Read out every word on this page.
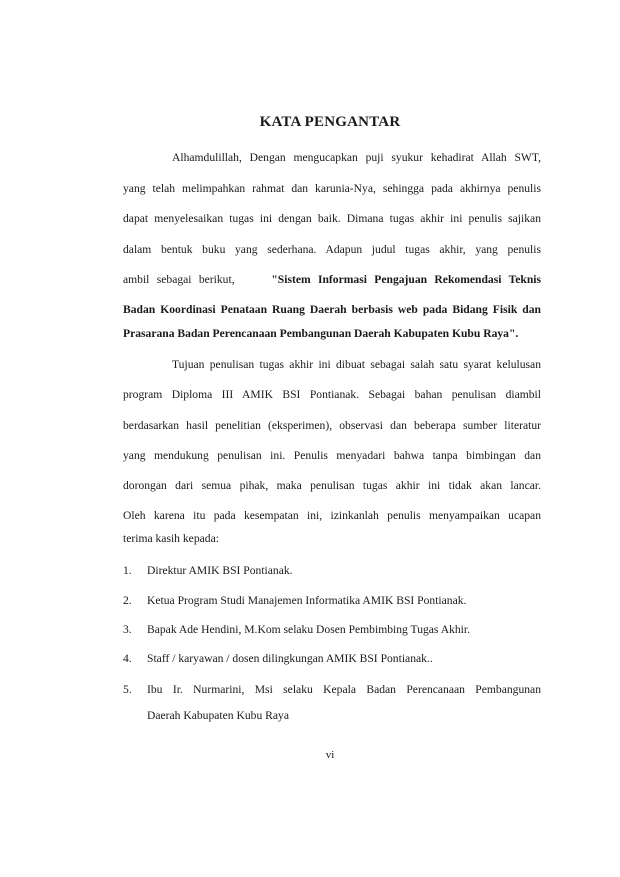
KATA PENGANTAR
Alhamdulillah, Dengan mengucapkan puji syukur kehadirat Allah SWT,
yang telah melimpahkan rahmat dan karunia-Nya, sehingga pada akhirnya penulis
dapat menyelesaikan tugas ini dengan baik. Dimana tugas akhir ini penulis sajikan
dalam bentuk buku yang sederhana. Adapun judul tugas akhir, yang penulis
ambil sebagai berikut,	"Sistem Informasi Pengajuan Rekomendasi Teknis
Badan Koordinasi Penataan Ruang Daerah berbasis web pada Bidang Fisik dan
Prasarana Badan Perencanaan Pembangunan Daerah Kabupaten Kubu Raya".
Tujuan penulisan tugas akhir ini dibuat sebagai salah satu syarat kelulusan
program Diploma III AMIK BSI Pontianak. Sebagai bahan penulisan diambil
berdasarkan hasil penelitian (eksperimen), observasi dan beberapa sumber literatur
yang mendukung penulisan ini. Penulis menyadari bahwa tanpa bimbingan dan
dorongan dari semua pihak, maka penulisan tugas akhir ini tidak akan lancar.
Oleh karena itu pada kesempatan ini, izinkanlah penulis menyampaikan ucapan
terima kasih kepada:
1. Direktur AMIK BSI Pontianak.
2. Ketua Program Studi Manajemen Informatika AMIK BSI Pontianak.
3. Bapak Ade Hendini, M.Kom selaku Dosen Pembimbing Tugas Akhir.
4. Staff / karyawan / dosen dilingkungan AMIK BSI Pontianak..
5. Ibu Ir. Nurmarini, Msi selaku Kepala Badan Perencanaan Pembangunan
Daerah Kabupaten Kubu Raya
vi
